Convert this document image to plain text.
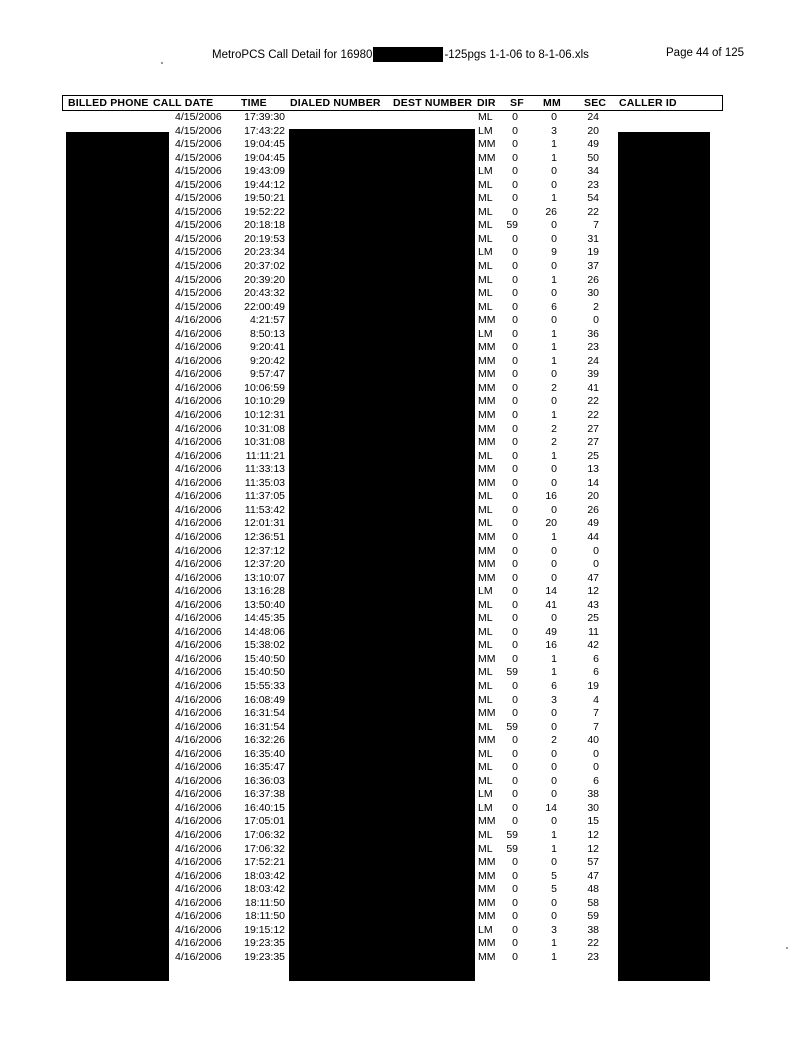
MetroPCS Call Detail for 16980	-125pgs 1-1-06 to 8-1-06.xls	Page 44 of 125
BILLED PHONE CALL DATE	TIME DIALED NUMBER DEST NUMBER DIR SF MM SEC CALLER ID
4/15/2006 17:39:30	ML 0	0	24
4/15/2006 17:43:22	LM 0	3	20
4/15/2006 19:04:45	MM 0	1	49
4/15/2006 19:04:45	MM 0	1	50
4/15/2006 19:43:09	LM 0	0	34
4/15/2006 19:44:12	ML 0	0	23
4/15/2006 19:50:21	ML 0	1	54
4/15/2006 19:52:22	ML 0	26	22
4/15/2006 20:18:18	ML 59	0	7
4/15/2006 20:19:53	ML 0	0	31
4/15/2006 20:23:34	LM 0	9	19
4/15/2006 20:37:02	ML 0	0	37
4/15/2006 20:39:20	ML 0	1	26
4/15/2006 20:43:32	ML 0	0	30
4/15/2006 22:00:49	ML 0	6	2
4/16/2006	4:21:57	MM 0	0	0
4/16/2006	8:50:13	LM 0	1	36
4/16/2006	9:20:41	MM 0	1	23
4/16/2006	9:20:42	MM 0	1	24
4/16/2006	9:57:47	MM 0	0	39
4/16/2006 10:06:59	MM 0	2	41
4/16/2006 10:10:29	MM 0	0	22
4/16/2006 10:12:31	MM 0	1	22
4/16/2006 10:31:08	MM 0	2	27
4/16/2006 10:31:08	MM 0	2	27
4/16/2006 11:11:21	ML 0	1	25
4/16/2006 11:33:13	MM 0	0	13
4/16/2006 11:35:03	MM 0	0	14
4/16/2006 11:37:05	ML 0	16	20
4/16/2006 11:53:42	ML 0	0	26
4/16/2006 12:01:31	ML 0	20	49
4/16/2006 12:36:51	MM 0	1	44
4/16/2006 12:37:12	MM 0	0	0
4/16/2006 12:37:20	MM 0	0	0
4/16/2006 13:10:07	MM 0	0	47
4/16/2006 13:16:28	LM 0	14	12
4/16/2006 13:50:40	ML 0	41	43
4/16/2006 14:45:35	ML 0	0	25
4/16/2006 14:48:06	ML 0	49	11
4/16/2006 15:38:02	ML 0	16	42
4/16/2006 15:40:50	MM 0	1	6
4/16/2006 15:40:50	ML 59	1	6
4/16/2006 15:55:33	ML 0	6	19
4/16/2006 16:08:49	ML 0	3	4
4/16/2006 16:31:54	MM 0	0	7
4/16/2006 16:31:54	ML 59	0	7
4/16/2006 16:32:26	MM 0	2	40
4/16/2006 16:35:40	ML 0	0	0
4/16/2006 16:35:47	ML 0	0	0
4/16/2006 16:36:03	ML 0	0	6
4/16/2006 16:37:38	LM 0	0	38
4/16/2006 16:40:15	LM 0	14	30
4/16/2006 17:05:01	MM 0	0	15
4/16/2006 17:06:32	ML 59	1	12
4/16/2006 17:06:32	ML 59	1	12
4/16/2006 17:52:21	MM 0	0	57
4/16/2006 18:03:42	MM 0	5	47
4/16/2006 18:03:42	MM 0	5	48
4/16/2006 18:11:50	MM 0	0	58
4/16/2006 18:11:50	MM 0	0	59
4/16/2006 19:15:12	LM 0	3	38
4/16/2006 19:23:35	MM 0	1	22
4/16/2006 19:23:35	MM 0	1	23
